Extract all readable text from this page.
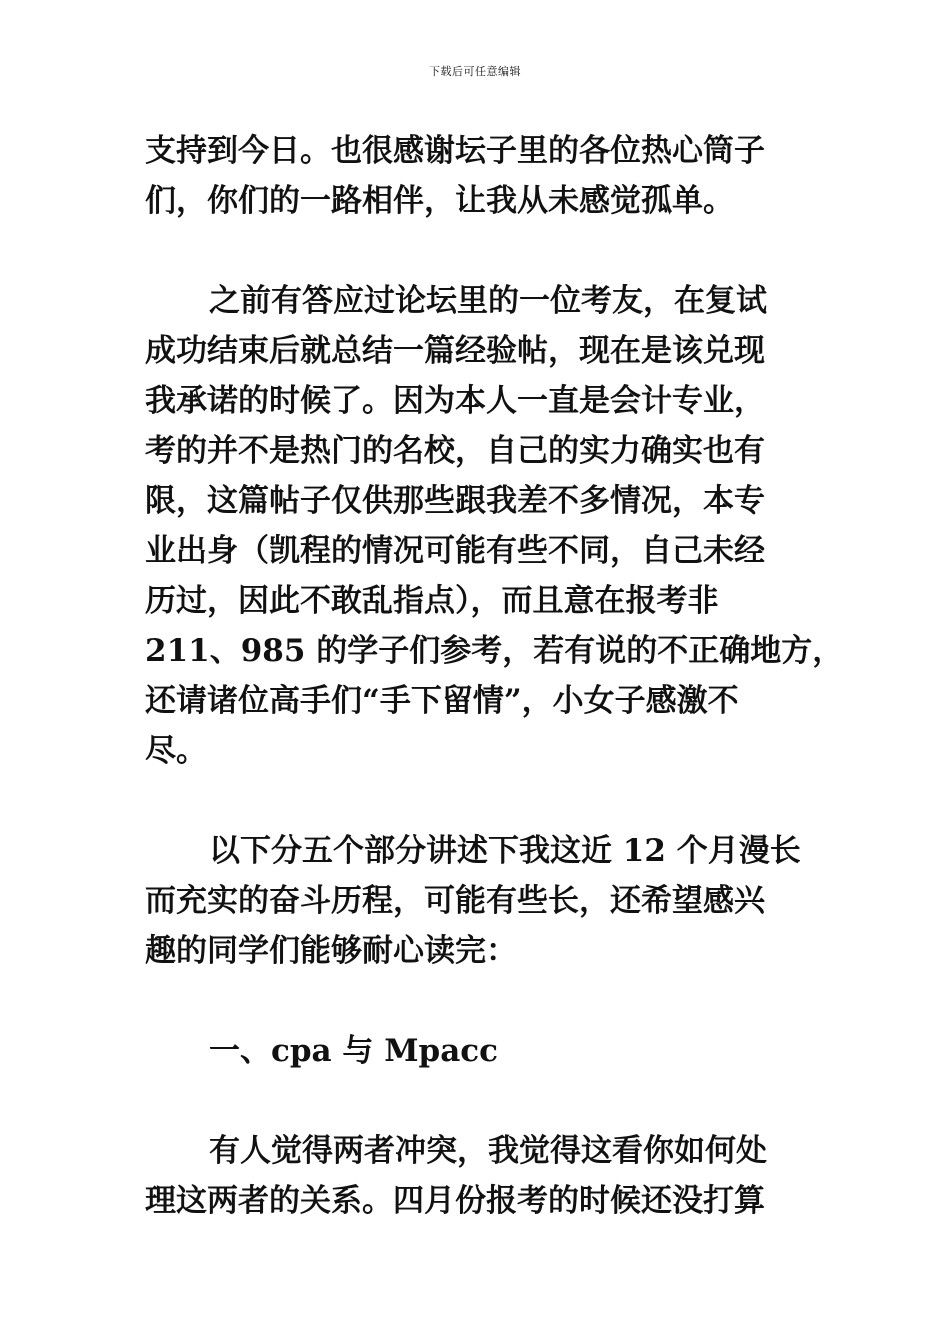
下载后可任意编辑

支持到今日。也很感谢坛子里的各位热心筒子
们，你们的一路相伴，让我从未感觉孤单。

之前有答应过论坛里的一位考友，在复试
成功结束后就总结一篇经验帖，现在是该兑现
我承诺的时候了。因为本人一直是会计专业，
考的并不是热门的名校，自己的实力确实也有
限，这篇帖子仅供那些跟我差不多情况，本专
业出身（凯程的情况可能有些不同，自己未经
历过，因此不敢乱指点），而且意在报考非
211、985 的学子们参考，若有说的不正确地方，
还请诸位高手们“手下留情”，小女子感激不
尽。

以下分五个部分讲述下我这近 12 个月漫长
而充实的奋斗历程，可能有些长，还希望感兴
趣的同学们能够耐心读完：

一、cpa 与 Mpacc

有人觉得两者冲突，我觉得这看你如何处
理这两者的关系。四月份报考的时候还没打算
